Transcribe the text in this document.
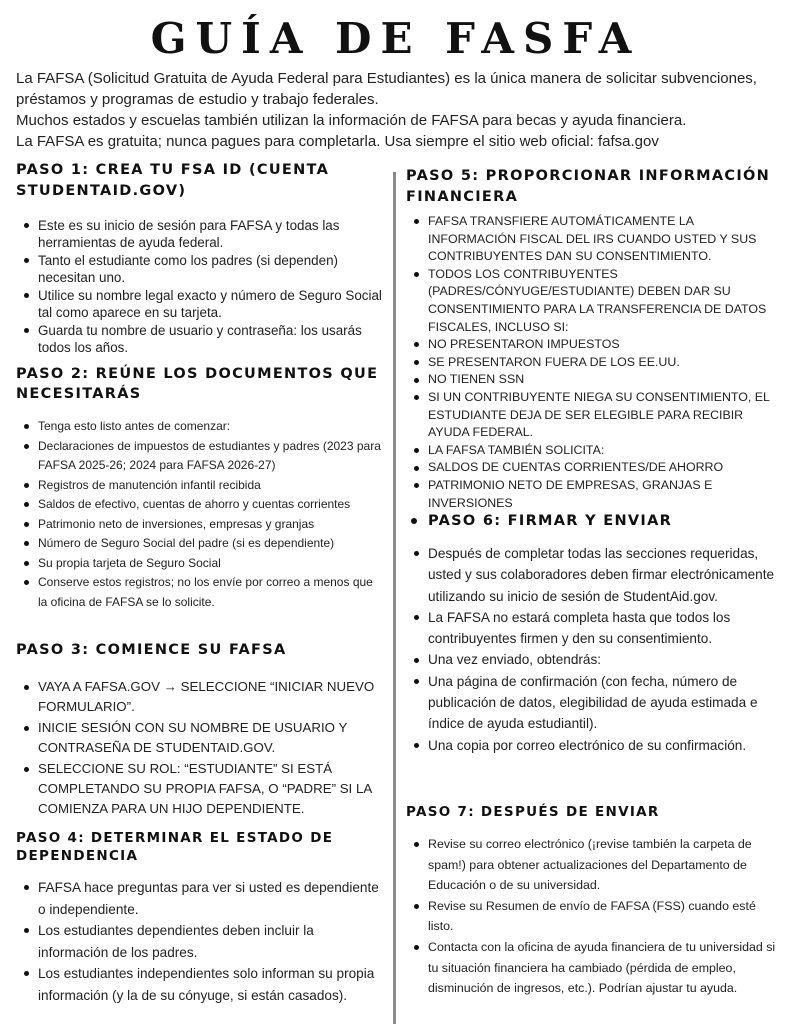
GUÍA DE FASFA

La FAFSA (Solicitud Gratuita de Ayuda Federal para Estudiantes) es la única manera de solicitar subvenciones, préstamos y programas de estudio y trabajo federales.

Muchos estados y escuelas también utilizan la información de FAFSA para becas y ayuda financiera.

La FAFSA es gratuita; nunca pagues para completarla. Usa siempre el sitio web oficial: fafsa.gov

PASO 1: CREA TU FSA ID (CUENTA STUDENTAID.GOV)
Este es su inicio de sesión para FAFSA y todas las herramientas de ayuda federal.
Tanto el estudiante como los padres (si dependen) necesitan uno.
Utilice su nombre legal exacto y número de Seguro Social tal como aparece en su tarjeta.
Guarda tu nombre de usuario y contraseña: los usarás todos los años.
PASO 2: REÚNE LOS DOCUMENTOS QUE NECESITARÁS
Tenga esto listo antes de comenzar:
Declaraciones de impuestos de estudiantes y padres (2023 para FAFSA 2025-26; 2024 para FAFSA 2026-27)
Registros de manutención infantil recibida
Saldos de efectivo, cuentas de ahorro y cuentas corrientes
Patrimonio neto de inversiones, empresas y granjas
Número de Seguro Social del padre (si es dependiente)
Su propia tarjeta de Seguro Social
Conserve estos registros; no los envíe por correo a menos que la oficina de FAFSA se lo solicite.
PASO 3: COMIENCE SU FAFSA
VAYA A FAFSA.GOV → SELECCIONE “INICIAR NUEVO FORMULARIO”.
INICIE SESIÓN CON SU NOMBRE DE USUARIO Y CONTRASEÑA DE STUDENTAID.GOV.
SELECCIONE SU ROL: “ESTUDIANTE” SI ESTÁ COMPLETANDO SU PROPIA FAFSA, O “PADRE” SI LA COMIENZA PARA UN HIJO DEPENDIENTE.
PASO 4: DETERMINAR EL ESTADO DE DEPENDENCIA
FAFSA hace preguntas para ver si usted es dependiente o independiente.
Los estudiantes dependientes deben incluir la información de los padres.
Los estudiantes independientes solo informan su propia información (y la de su cónyuge, si están casados).
PASO 5: PROPORCIONAR INFORMACIÓN FINANCIERA
FAFSA TRANSFIERE AUTOMÁTICAMENTE LA INFORMACIÓN FISCAL DEL IRS CUANDO USTED Y SUS CONTRIBUYENTES DAN SU CONSENTIMIENTO.
TODOS LOS CONTRIBUYENTES (PADRES/CÓNYUGE/ESTUDIANTE) DEBEN DAR SU CONSENTIMIENTO PARA LA TRANSFERENCIA DE DATOS FISCALES, INCLUSO SI:
NO PRESENTARON IMPUESTOS
SE PRESENTARON FUERA DE LOS EE.UU.
NO TIENEN SSN
SI UN CONTRIBUYENTE NIEGA SU CONSENTIMIENTO, EL ESTUDIANTE DEJA DE SER ELEGIBLE PARA RECIBIR AYUDA FEDERAL.
LA FAFSA TAMBIÉN SOLICITA:
SALDOS DE CUENTAS CORRIENTES/DE AHORRO
PATRIMONIO NETO DE EMPRESAS, GRANJAS E INVERSIONES
PASO 6: FIRMAR Y ENVIAR
Después de completar todas las secciones requeridas, usted y sus colaboradores deben firmar electrónicamente utilizando su inicio de sesión de StudentAid.gov.
La FAFSA no estará completa hasta que todos los contribuyentes firmen y den su consentimiento.
Una vez enviado, obtendrás:
Una página de confirmación (con fecha, número de publicación de datos, elegibilidad de ayuda estimada e índice de ayuda estudiantil).
Una copia por correo electrónico de su confirmación.
PASO 7: DESPUÉS DE ENVIAR
Revise su correo electrónico (¡revise también la carpeta de spam!) para obtener actualizaciones del Departamento de Educación o de su universidad.
Revise su Resumen de envío de FAFSA (FSS) cuando esté listo.
Contacta con la oficina de ayuda financiera de tu universidad si tu situación financiera ha cambiado (pérdida de empleo, disminución de ingresos, etc.). Podrían ajustar tu ayuda.
